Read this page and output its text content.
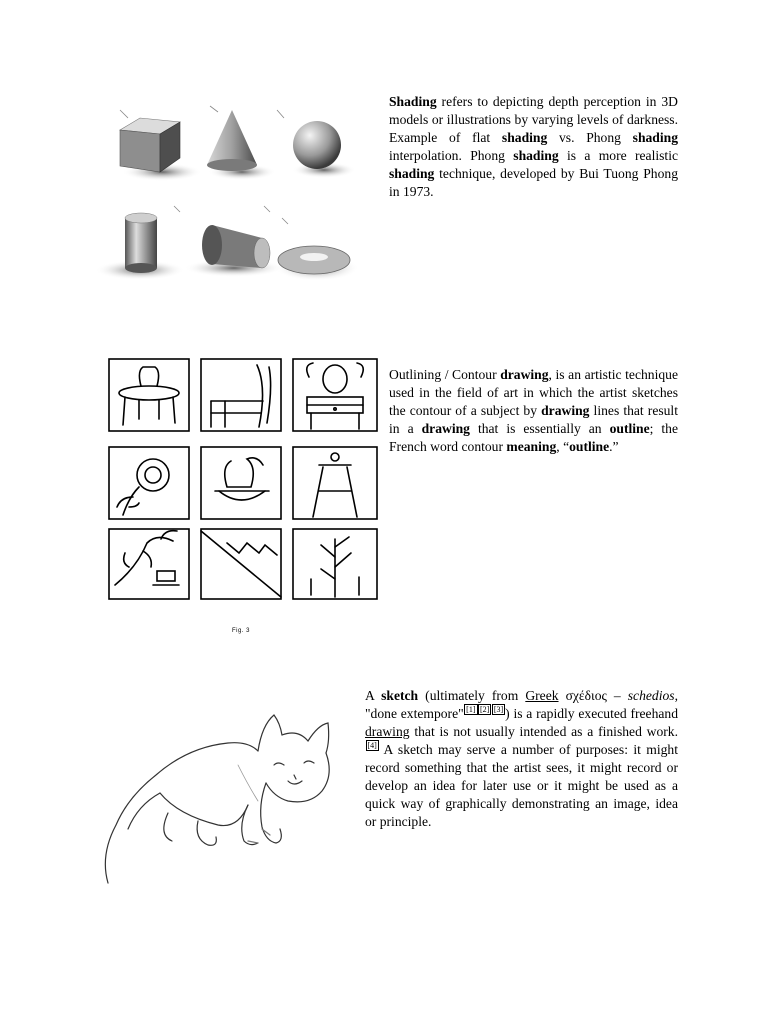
Shading refers to depicting depth perception in 3D models or illustrations by varying levels of darkness. Example of flat shading vs. Phong shading interpolation. Phong shading is a more realistic shading technique, developed by Bui Tuong Phong in 1973.
Fig. 3
Outlining / Contour drawing, is an artistic technique used in the field of art in which the artist sketches the contour of a subject by drawing lines that result in a drawing that is essentially an outline; the French word contour meaning, “outline.”
A sketch (ultimately from Greek σχέδιος – schedios, "done extempore" [1] [2] [3] ) is a rapidly executed freehand drawing that is not usually intended as a finished work.[4] A sketch may serve a number of purposes: it might record something that the artist sees, it might record or develop an idea for later use or it might be used as a quick way of graphically demonstrating an image, idea or principle.
